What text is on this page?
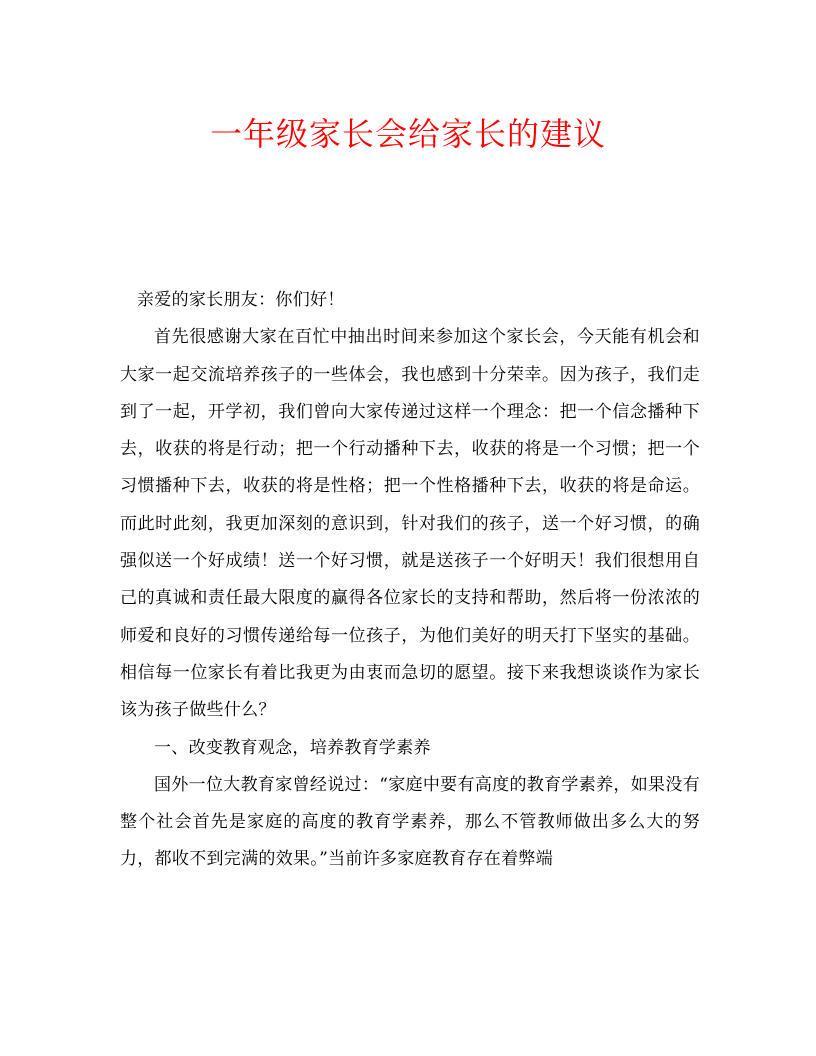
一年级家长会给家长的建议

亲爱的家长朋友：你们好！

首先很感谢大家在百忙中抽出时间来参加这个家长会，今天能有机会和大家一起交流培养孩子的一些体会，我也感到十分荣幸。因为孩子，我们走到了一起，开学初，我们曾向大家传递过这样一个理念：把一个信念播种下去，收获的将是行动；把一个行动播种下去，收获的将是一个习惯；把一个习惯播种下去，收获的将是性格；把一个性格播种下去，收获的将是命运。而此时此刻，我更加深刻的意识到，针对我们的孩子，送一个好习惯，的确强似送一个好成绩！送一个好习惯，就是送孩子一个好明天！我们很想用自己的真诚和责任最大限度的赢得各位家长的支持和帮助，然后将一份浓浓的师爱和良好的习惯传递给每一位孩子，为他们美好的明天打下坚实的基础。相信每一位家长有着比我更为由衷而急切的愿望。接下来我想谈谈作为家长该为孩子做些什么？

一、改变教育观念，培养教育学素养

国外一位大教育家曾经说过：“家庭中要有高度的教育学素养，如果没有整个社会首先是家庭的高度的教育学素养，那么不管教师做出多么大的努力，都收不到完满的效果。”当前许多家庭教育存在着弊端
